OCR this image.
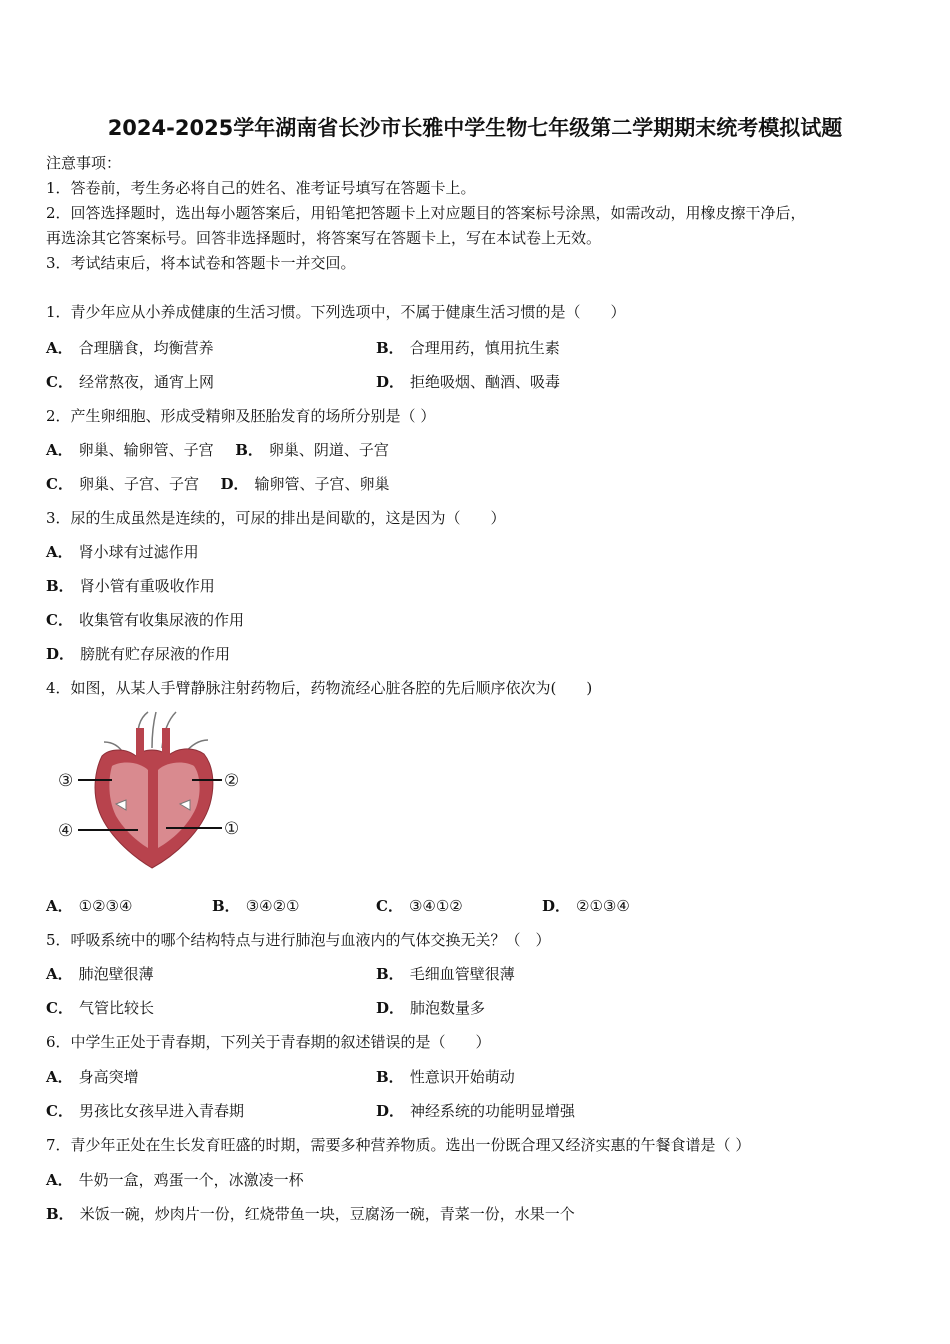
2024-2025学年湖南省长沙市长雅中学生物七年级第二学期期末统考模拟试题
注意事项：
1．答卷前，考生务必将自己的姓名、准考证号填写在答题卡上。
2．回答选择题时，选出每小题答案后，用铅笔把答题卡上对应题目的答案标号涂黑，如需改动，用橡皮擦干净后，
再选涂其它答案标号。回答非选择题时，将答案写在答题卡上，写在本试卷上无效。
3．考试结束后，将本试卷和答题卡一并交回。
1．青少年应从小养成健康的生活习惯。下列选项中，不属于健康生活习惯的是（　　）
A． 合理膳食，均衡营养	B． 合理用药，慎用抗生素
C． 经常熬夜，通宵上网	D． 拒绝吸烟、酗酒、吸毒
2．产生卵细胞、形成受精卵及胚胎发育的场所分别是（ ）
A． 卵巢、输卵管、子宫 B． 卵巢、阴道、子宫
C． 卵巢、子宫、子宫 D． 输卵管、子宫、卵巢
3．尿的生成虽然是连续的，可尿的排出是间歇的，这是因为（　　）
A． 肾小球有过滤作用
B． 肾小管有重吸收作用
C． 收集管有收集尿液的作用
D． 膀胱有贮存尿液的作用
4．如图，从某人手臂静脉注射药物后，药物流经心脏各腔的先后顺序依次为(　　)
③	②
④	①
A． ①②③④	B． ③④②①	C． ③④①②	D． ②①③④
5．呼吸系统中的哪个结构特点与进行肺泡与血液内的气体交换无关？（　）
A． 肺泡壁很薄	B． 毛细血管壁很薄
C． 气管比较长	D． 肺泡数量多
6．中学生正处于青春期，下列关于青春期的叙述错误的是（　　）
A． 身高突增	B． 性意识开始萌动
C． 男孩比女孩早进入青春期	D． 神经系统的功能明显增强
7．青少年正处在生长发育旺盛的时期，需要多种营养物质。选出一份既合理又经济实惠的午餐食谱是（ ）
A． 牛奶一盒，鸡蛋一个，冰激凌一杯
B． 米饭一碗，炒肉片一份，红烧带鱼一块，豆腐汤一碗，青菜一份，水果一个
